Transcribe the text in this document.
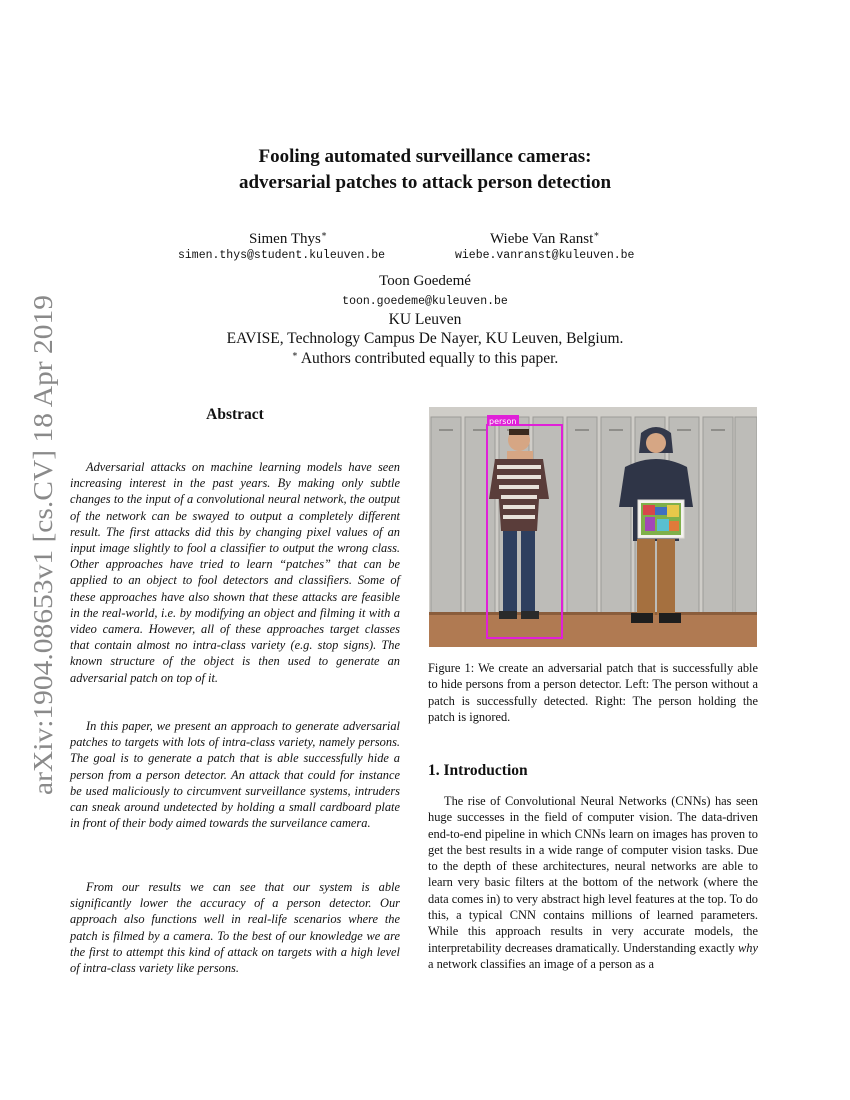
arXiv:1904.08653v1 [cs.CV] 18 Apr 2019
Fooling automated surveillance cameras:
adversarial patches to attack person detection
Simen Thys∗
simen.thys@student.kuleuven.be
Wiebe Van Ranst∗
wiebe.vanranst@kuleuven.be
Toon Goedemé
toon.goedeme@kuleuven.be
KU Leuven
EAVISE, Technology Campus De Nayer, KU Leuven, Belgium.
∗ Authors contributed equally to this paper.
Abstract

Adversarial attacks on machine learning models have seen increasing interest in the past years. By making only subtle changes to the input of a convolutional neural network, the output of the network can be swayed to output a completely different result. The first attacks did this by changing pixel values of an input image slightly to fool a classifier to output the wrong class. Other approaches have tried to learn “patches” that can be applied to an object to fool detectors and classifiers. Some of these approaches have also shown that these attacks are feasible in the real-world, i.e. by modifying an object and filming it with a video camera. However, all of these approaches target classes that contain almost no intra-class variety (e.g. stop signs). The known structure of the object is then used to generate an adversarial patch on top of it.

In this paper, we present an approach to generate adversarial patches to targets with lots of intra-class variety, namely persons. The goal is to generate a patch that is able successfully hide a person from a person detector. An attack that could for instance be used maliciously to circumvent surveillance systems, intruders can sneak around undetected by holding a small cardboard plate in front of their body aimed towards the surveilance camera.

From our results we can see that our system is able significantly lower the accuracy of a person detector. Our approach also functions well in real-life scenarios where the patch is filmed by a camera. To the best of our knowledge we are the first to attempt this kind of attack on targets with a high level of intra-class variety like persons.

person

Figure 1: We create an adversarial patch that is successfully able to hide persons from a person detector. Left: The person without a patch is successfully detected. Right: The person holding the patch is ignored.

1. Introduction

The rise of Convolutional Neural Networks (CNNs) has seen huge successes in the field of computer vision. The data-driven end-to-end pipeline in which CNNs learn on images has proven to get the best results in a wide range of computer vision tasks. Due to the depth of these architectures, neural networks are able to learn very basic filters at the bottom of the network (where the data comes in) to very abstract high level features at the top. To do this, a typical CNN contains millions of learned parameters. While this approach results in very accurate models, the interpretability decreases dramatically. Understanding exactly why a network classifies an image of a person as a
